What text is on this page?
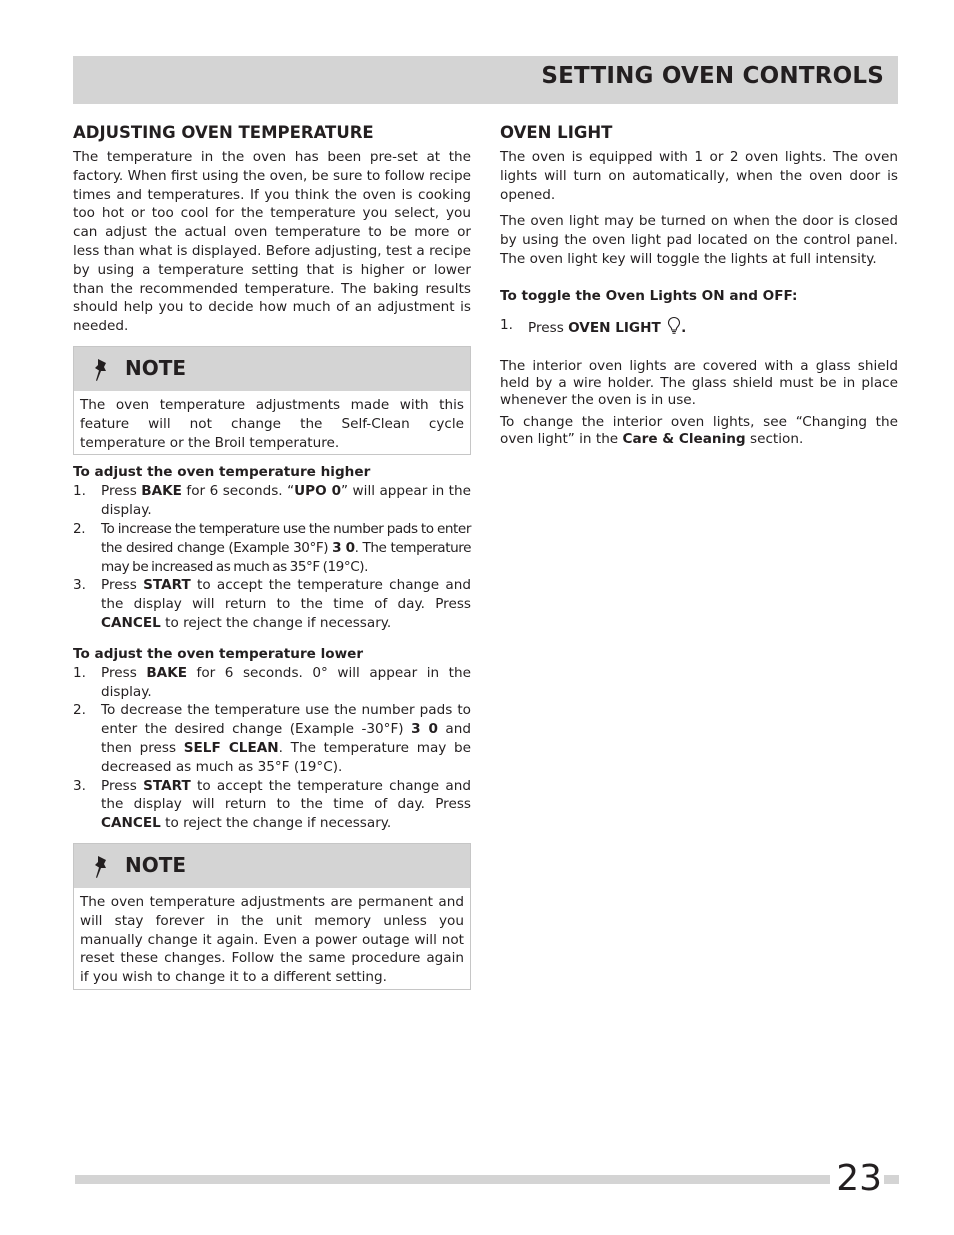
SETTING OVEN CONTROLS
ADJUSTING OVEN TEMPERATURE

The temperature in the oven has been pre-set at the factory. When first using the oven, be sure to follow recipe times and temperatures. If you think the oven is cooking too hot or too cool for the temperature you select, you can adjust the actual oven temperature to be more or less than what is displayed. Before adjusting, test a recipe by using a temperature setting that is higher or lower than the recommended temperature. The baking results should help you to decide how much of an adjustment is needed.

NOTE
The oven temperature adjustments made with this feature will not change the Self-Clean cycle temperature or the Broil temperature.

To adjust the oven temperature higher

1. Press BAKE for 6 seconds. “UPO 0” will appear in the display.
2. To increase the temperature use the number pads to enter the desired change (Example 30°F) 3 0. The temperature may be increased as much as 35°F (19°C).
3. Press START to accept the temperature change and the display will return to the time of day. Press CANCEL to reject the change if necessary.

To adjust the oven temperature lower

1. Press BAKE for 6 seconds. 0° will appear in the display.
2. To decrease the temperature use the number pads to enter the desired change (Example -30°F) 3 0 and then press SELF CLEAN. The temperature may be decreased as much as 35°F (19°C).
3. Press START to accept the temperature change and the display will return to the time of day. Press CANCEL to reject the change if necessary.
NOTE
The oven temperature adjustments are permanent and will stay forever in the unit memory unless you manually change it again. Even a power outage will not reset these changes. Follow the same procedure again if you wish to change it to a different setting.
OVEN LIGHT

The oven is equipped with 1 or 2 oven lights. The oven lights will turn on automatically, when the oven door is opened.

The oven light may be turned on when the door is closed by using the oven light pad located on the control panel. The oven light key will toggle the lights at full intensity.

To toggle the Oven Lights ON and OFF:

1. Press OVEN LIGHT .

The interior oven lights are covered with a glass shield held by a wire holder. The glass shield must be in place whenever the oven is in use.

To change the interior oven lights, see “Changing the oven light” in the Care & Cleaning section.

23
